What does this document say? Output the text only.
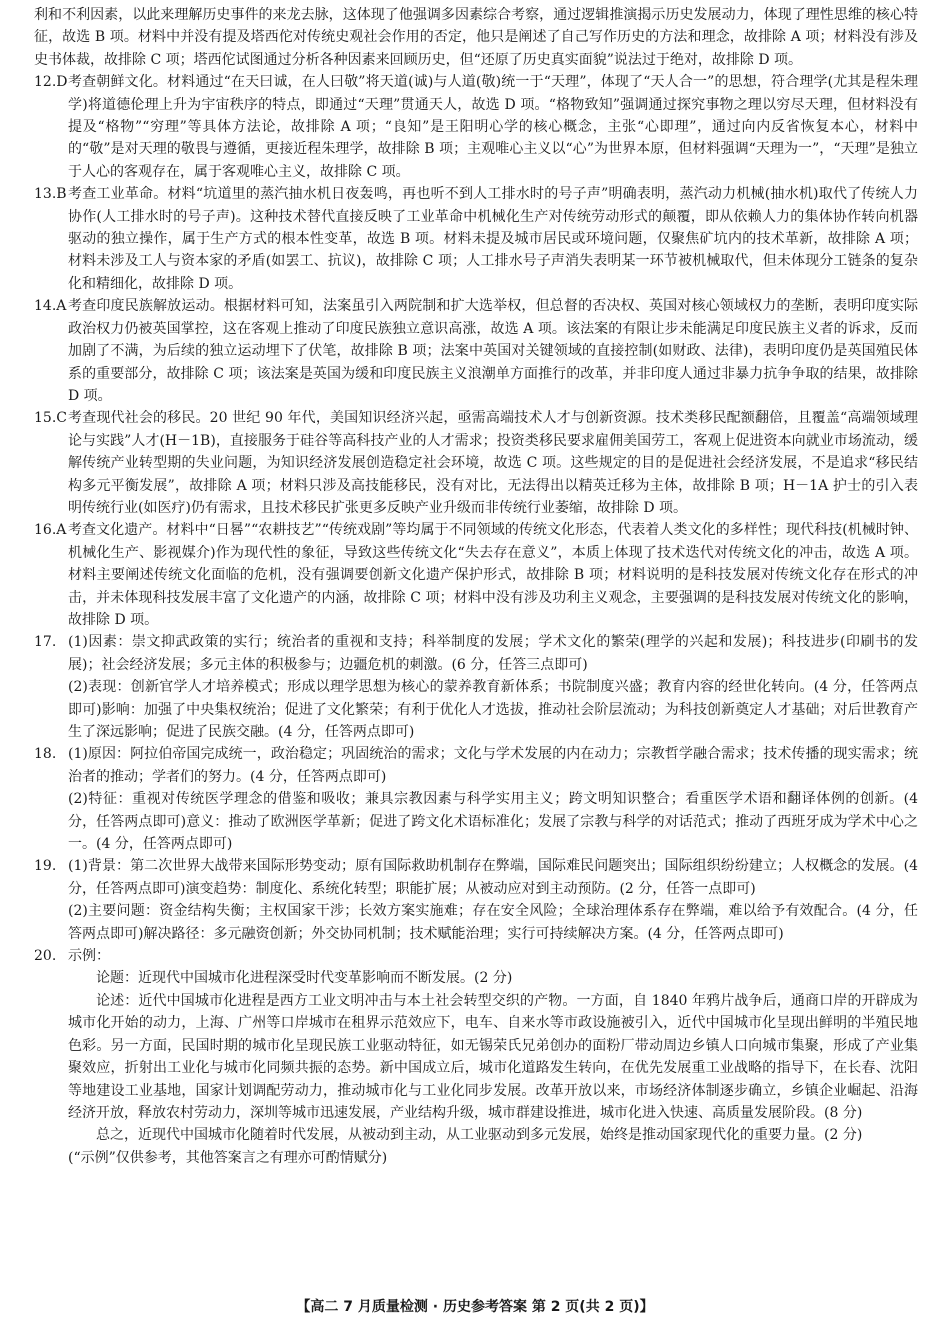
利和不利因素，以此来理解历史事件的来龙去脉，这体现了他强调多因素综合考察，通过逻辑推演揭示历史发展动力，体现了理性思维的核心特征，故选 B 项。材料中并没有提及塔西佗对传统史观社会作用的否定，他只是阐述了自己写作历史的方法和理念，故排除 A 项；材料没有涉及史书体裁，故排除 C 项；塔西佗试图通过分析各种因素来回顾历史，但“还原了历史真实面貌”说法过于绝对，故排除 D 项。

12.D 考查朝鲜文化。材料通过“在天曰诚，在人曰敬”将天道(诚)与人道(敬)统一于“天理”，体现了“天人合一”的思想，符合理学(尤其是程朱理学)将道德伦理上升为宇宙秩序的特点，即通过“天理”贯通天人，故选 D 项。“格物致知”强调通过探究事物之理以穷尽天理，但材料没有提及“格物”“穷理”等具体方法论，故排除 A 项；“良知”是王阳明心学的核心概念，主张“心即理”，通过向内反省恢复本心，材料中的“敬”是对天理的敬畏与遵循，更接近程朱理学，故排除 B 项；主观唯心主义以“心”为世界本原，但材料强调“天理为一”，“天理”是独立于人心的客观存在，属于客观唯心主义，故排除 C 项。
13.B 考查工业革命。材料“坑道里的蒸汽抽水机日夜轰鸣，再也听不到人工排水时的号子声”明确表明，蒸汽动力机械(抽水机)取代了传统人力协作(人工排水时的号子声)。这种技术替代直接反映了工业革命中机械化生产对传统劳动形式的颠覆，即从依赖人力的集体协作转向机器驱动的独立操作，属于生产方式的根本性变革，故选 B 项。材料未提及城市居民或环境问题，仅聚焦矿坑内的技术革新，故排除 A 项；材料未涉及工人与资本家的矛盾(如罢工、抗议)，故排除 C 项；人工排水号子声消失表明某一环节被机械取代，但未体现分工链条的复杂化和精细化，故排除 D 项。
14.A 考查印度民族解放运动。根据材料可知，法案虽引入两院制和扩大选举权，但总督的否决权、英国对核心领域权力的垄断，表明印度实际政治权力仍被英国掌控，这在客观上推动了印度民族独立意识高涨，故选 A 项。该法案的有限让步未能满足印度民族主义者的诉求，反而加剧了不满，为后续的独立运动埋下了伏笔，故排除 B 项；法案中英国对关键领域的直接控制(如财政、法律)，表明印度仍是英国殖民体系的重要部分，故排除 C 项；该法案是英国为缓和印度民族主义浪潮单方面推行的改革，并非印度人通过非暴力抗争争取的结果，故排除 D 项。
15.C 考查现代社会的移民。20 世纪 90 年代，美国知识经济兴起，亟需高端技术人才与创新资源。技术类移民配额翻倍，且覆盖“高端领域理论与实践”人才(H－1B)，直接服务于硅谷等高科技产业的人才需求；投资类移民要求雇佣美国劳工，客观上促进资本向就业市场流动，缓解传统产业转型期的失业问题，为知识经济发展创造稳定社会环境，故选 C 项。这些规定的目的是促进社会经济发展，不是追求“移民结构多元平衡发展”，故排除 A 项；材料只涉及高技能移民，没有对比，无法得出以精英迁移为主体，故排除 B 项；H－1A 护士的引入表明传统行业(如医疗)仍有需求，且技术移民扩张更多反映产业升级而非传统行业萎缩，故排除 D 项。
16.A 考查文化遗产。材料中“日晷”“农耕技艺”“传统戏剧”等均属于不同领域的传统文化形态，代表着人类文化的多样性；现代科技(机械时钟、机械化生产、影视媒介)作为现代性的象征，导致这些传统文化“失去存在意义”，本质上体现了技术迭代对传统文化的冲击，故选 A 项。材料主要阐述传统文化面临的危机，没有强调要创新文化遗产保护形式，故排除 B 项；材料说明的是科技发展对传统文化存在形式的冲击，并未体现科技发展丰富了文化遗产的内涵，故排除 C 项；材料中没有涉及功利主义观念，主要强调的是科技发展对传统文化的影响，故排除 D 项。
17. (1)因素：崇文抑武政策的实行；统治者的重视和支持；科举制度的发展；学术文化的繁荣(理学的兴起和发展)；科技进步(印刷书的发展)；社会经济发展；多元主体的积极参与；边疆危机的刺激。(6 分，任答三点即可)

(2)表现：创新官学人才培养模式；形成以理学思想为核心的蒙养教育新体系；书院制度兴盛；教育内容的经世化转向。(4 分，任答两点即可)影响：加强了中央集权统治；促进了文化繁荣；有利于优化人才选拔，推动社会阶层流动；为科技创新奠定人才基础；对后世教育产生了深远影响；促进了民族交融。(4 分，任答两点即可)

18. (1)原因：阿拉伯帝国完成统一，政治稳定；巩固统治的需求；文化与学术发展的内在动力；宗教哲学融合需求；技术传播的现实需求；统治者的推动；学者们的努力。(4 分，任答两点即可)

(2)特征：重视对传统医学理念的借鉴和吸收；兼具宗教因素与科学实用主义；跨文明知识整合；看重医学术语和翻译体例的创新。(4 分，任答两点即可)意义：推动了欧洲医学革新；促进了跨文化术语标准化；发展了宗教与科学的对话范式；推动了西班牙成为学术中心之一。(4 分，任答两点即可)

19. (1)背景：第二次世界大战带来国际形势变动；原有国际救助机制存在弊端，国际难民问题突出；国际组织纷纷建立；人权概念的发展。(4 分，任答两点即可)演变趋势：制度化、系统化转型；职能扩展；从被动应对到主动预防。(2 分，任答一点即可)

(2)主要问题：资金结构失衡；主权国家干涉；长效方案实施难；存在安全风险；全球治理体系存在弊端，难以给予有效配合。(4 分，任答两点即可)解决路径：多元融资创新；外交协同机制；技术赋能治理；实行可持续解决方案。(4 分，任答两点即可)

20. 示例：

论题：近现代中国城市化进程深受时代变革影响而不断发展。(2 分)

论述：近代中国城市化进程是西方工业文明冲击与本土社会转型交织的产物。一方面，自 1840 年鸦片战争后，通商口岸的开辟成为城市化开始的动力，上海、广州等口岸城市在租界示范效应下，电车、自来水等市政设施被引入，近代中国城市化呈现出鲜明的半殖民地色彩。另一方面，民国时期的城市化呈现民族工业驱动特征，如无锡荣氏兄弟创办的面粉厂带动周边乡镇人口向城市集聚，形成了产业集聚效应，折射出工业化与城市化同频共振的态势。新中国成立后，城市化道路发生转向，在优先发展重工业战略的指导下，在长春、沈阳等地建设工业基地，国家计划调配劳动力，推动城市化与工业化同步发展。改革开放以来，市场经济体制逐步确立，乡镇企业崛起、沿海经济开放，释放农村劳动力，深圳等城市迅速发展，产业结构升级，城市群建设推进，城市化进入快速、高质量发展阶段。(8 分)

总之，近现代中国城市化随着时代发展，从被动到主动，从工业驱动到多元发展，始终是推动国家现代化的重要力量。(2 分)

(“示例”仅供参考，其他答案言之有理亦可酌情赋分)

【高二 7 月质量检测 · 历史参考答案 第 2 页(共 2 页)】
